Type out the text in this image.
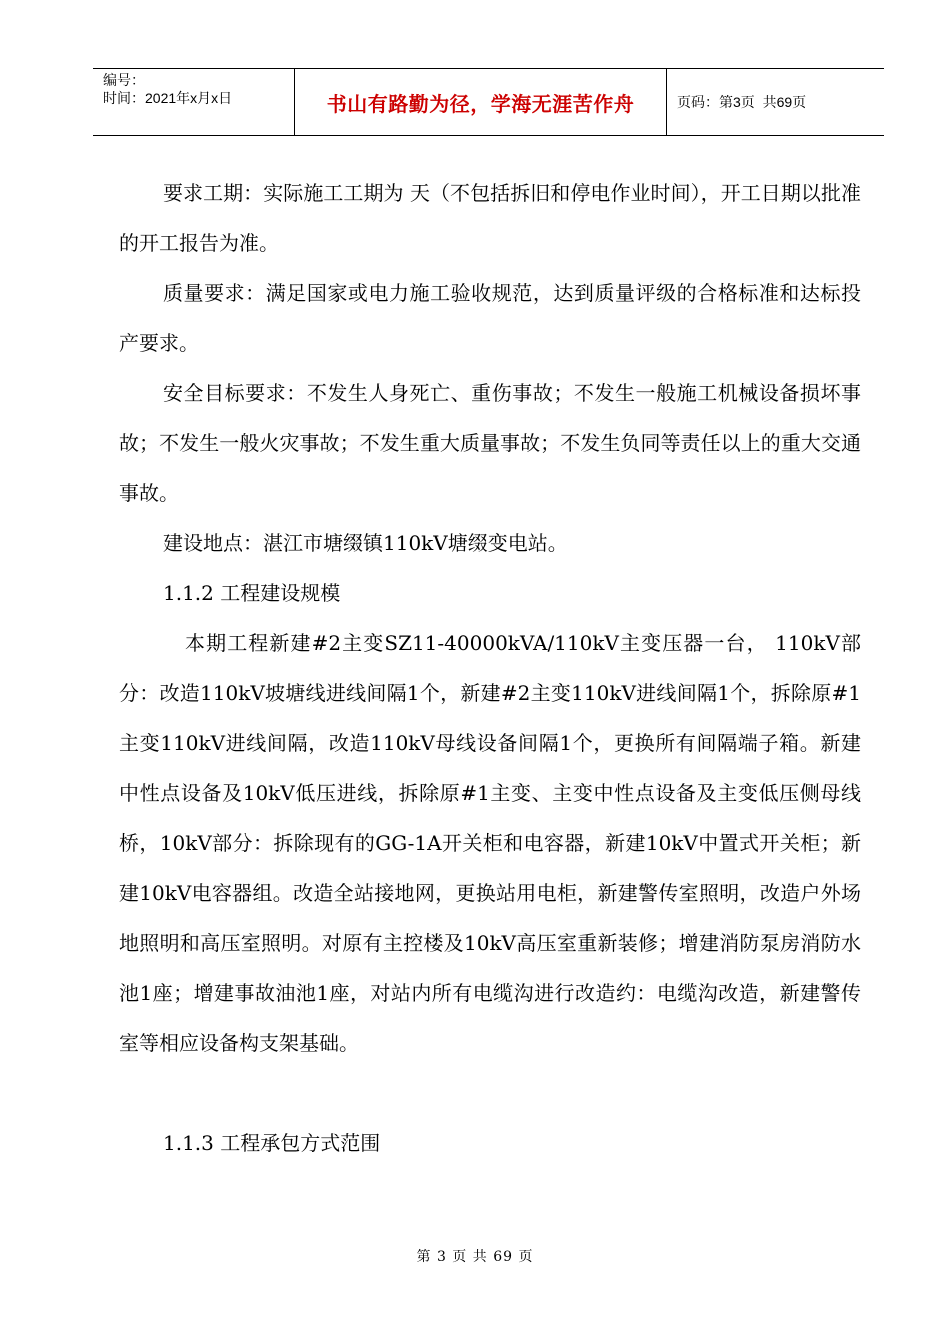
编号：
时间：2021年x月x日	书山有路勤为径，学海无涯苦作舟	页码：第3页  共69页

要求工期：实际施工工期为 天（不包括拆旧和停电作业时间），开工日期以批准的开工报告为准。

质量要求：满足国家或电力施工验收规范，达到质量评级的合格标准和达标投产要求。

安全目标要求：不发生人身死亡、重伤事故；不发生一般施工机械设备损坏事故；不发生一般火灾事故；不发生重大质量事故；不发生负同等责任以上的重大交通事故。

建设地点：湛江市塘缀镇110kV塘缀变电站。

1.1.2 工程建设规模

本期工程新建#2主变SZ11-40000kVA/110kV主变压器一台， 110kV部分：改造110kV坡塘线进线间隔1个，新建#2主变110kV进线间隔1个，拆除原#1主变110kV进线间隔，改造110kV母线设备间隔1个，更换所有间隔端子箱。新建中性点设备及10kV低压进线，拆除原#1主变、主变中性点设备及主变低压侧母线桥，10kV部分：拆除现有的GG-1A开关柜和电容器，新建10kV中置式开关柜；新建10kV电容器组。改造全站接地网，更换站用电柜，新建警传室照明，改造户外场地照明和高压室照明。对原有主控楼及10kV高压室重新装修；增建消防泵房消防水池1座；增建事故油池1座，对站内所有电缆沟进行改造约：电缆沟改造，新建警传室等相应设备构支架基础。

1.1.3 工程承包方式范围

第 3 页 共 69 页
